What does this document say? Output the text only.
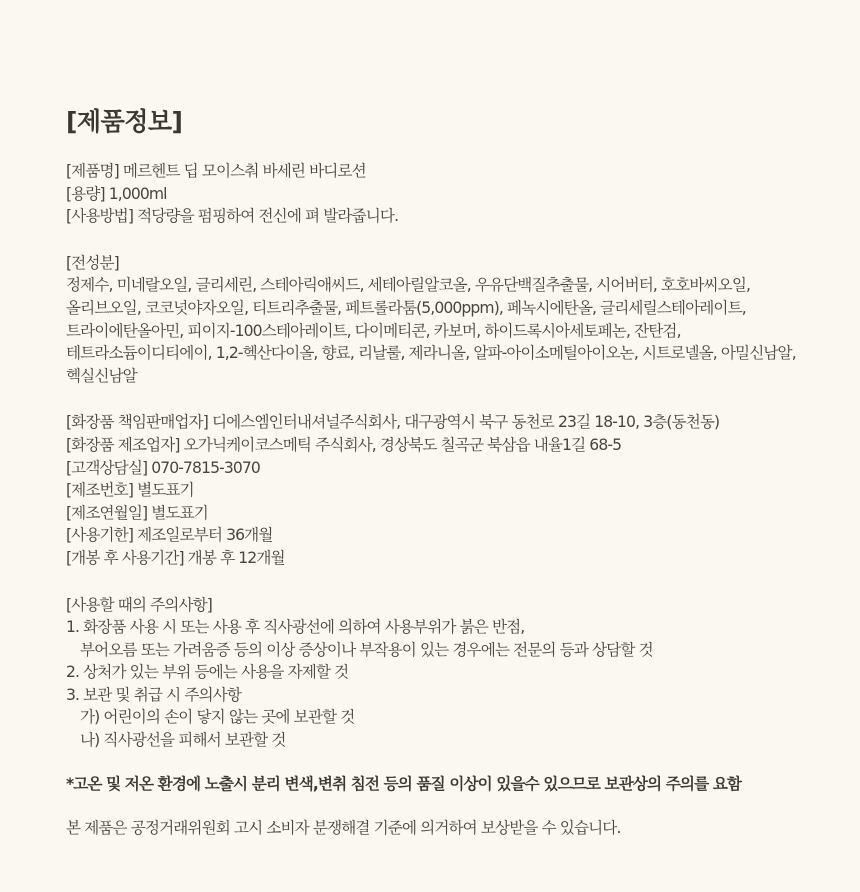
[제품정보]
[제품명] 메르헨트 딥 모이스춰 바세린 바디로션
[용량] 1,000ml
[사용방법] 적당량을 펌핑하여 전신에 펴 발라줍니다.
[전성분]
정제수, 미네랄오일, 글리세린, 스테아릭애씨드, 세테아릴알코올, 우유단백질추출물, 시어버터, 호호바씨오일,
올리브오일, 코코넛야자오일, 티트리추출물, 페트롤라툼(5,000ppm), 페녹시에탄올, 글리세릴스테아레이트,
트라이에탄올아민, 피이지-100스테아레이트, 다이메티콘, 카보머, 하이드록시아세토페논, 잔탄검,
테트라소듐이디티에이, 1,2-헥산다이올, 향료, 리날룰, 제라니올, 알파-아이소메틸아이오논, 시트로넬올, 아밀신남알,
헥실신남알
[화장품 책임판매업자] 디에스엠인터내셔널주식회사, 대구광역시 북구 동천로 23길 18-10, 3층(동천동)
[화장품 제조업자] 오가닉케이코스메틱 주식회사, 경상북도 칠곡군 북삼읍 내율1길 68-5
[고객상담실] 070-7815-3070
[제조번호] 별도표기
[제조연월일] 별도표기
[사용기한] 제조일로부터 36개월
[개봉 후 사용기간] 개봉 후 12개월
[사용할 때의 주의사항]
1. 화장품 사용 시 또는 사용 후 직사광선에 의하여 사용부위가 붉은 반점,
부어오름 또는 가려움증 등의 이상 증상이나 부작용이 있는 경우에는 전문의 등과 상담할 것
2. 상처가 있는 부위 등에는 사용을 자제할 것
3. 보관 및 취급 시 주의사항
가) 어린이의 손이 닿지 않는 곳에 보관할 것
나) 직사광선을 피해서 보관할 것
*고온 및 저온 환경에 노출시 분리 변색,변취 침전 등의 품질 이상이 있을수 있으므로 보관상의 주의를 요함
본 제품은 공정거래위원회 고시 소비자 분쟁해결 기준에 의거하여 보상받을 수 있습니다.
